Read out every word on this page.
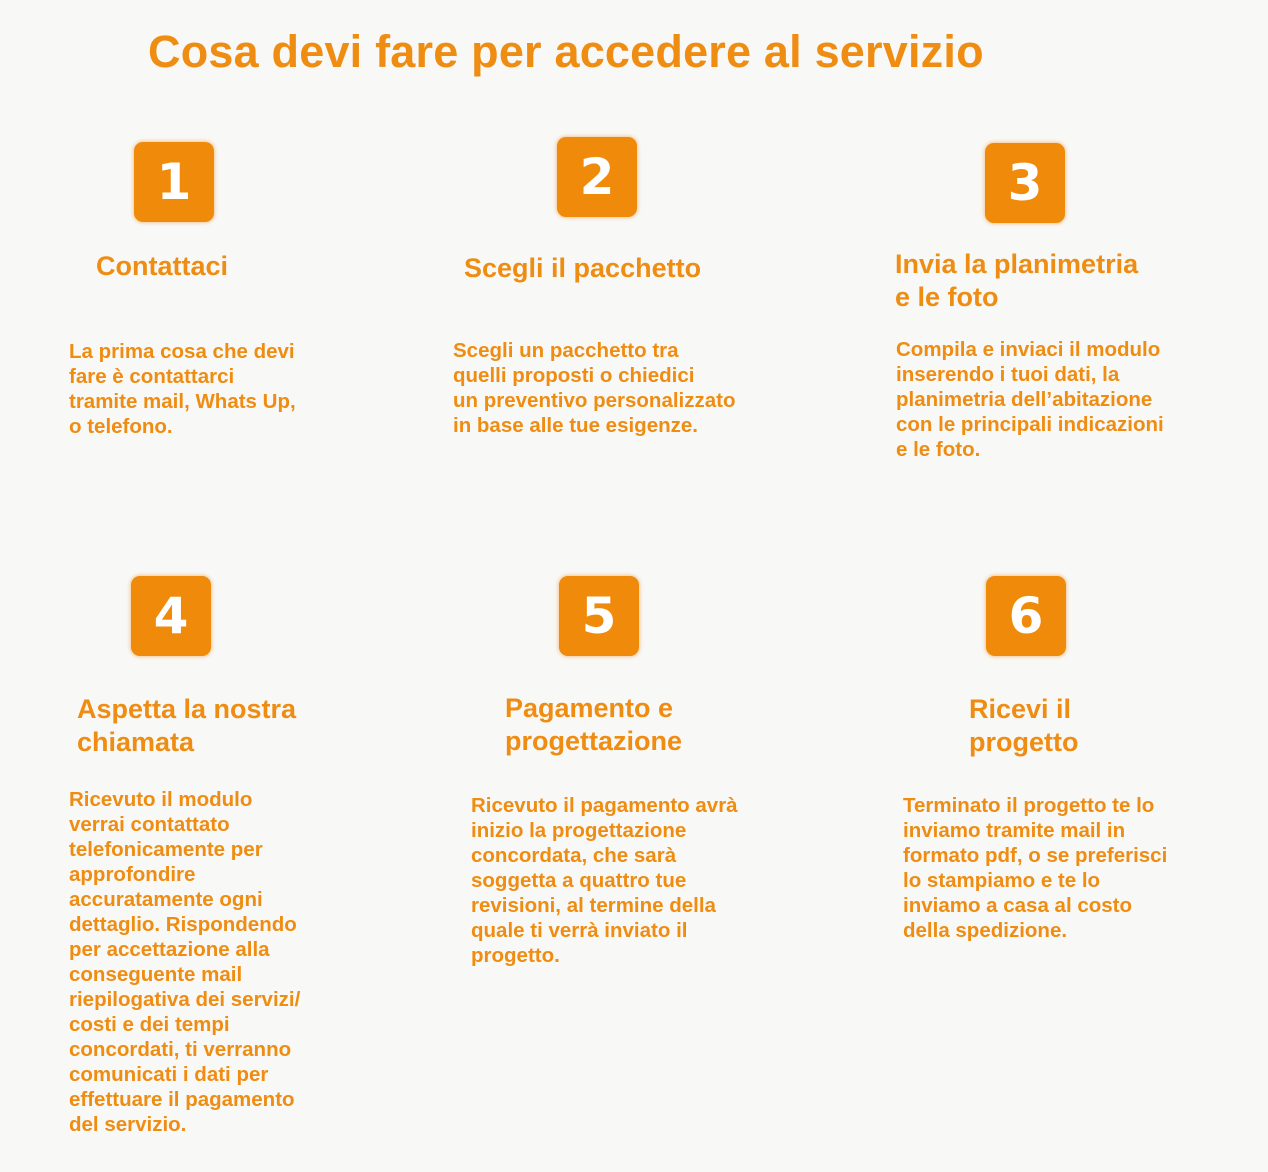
Cosa devi fare per accedere al servizio
1
Contattaci
La prima cosa che devi
fare è contattarci
tramite mail, Whats Up,
o telefono.
2
Scegli il pacchetto
Scegli un pacchetto tra
quelli proposti o chiedici
un preventivo personalizzato
in base alle tue esigenze.
3
Invia la planimetria
e le foto
Compila e inviaci il modulo
inserendo i tuoi dati, la
planimetria dell’abitazione
con le principali indicazioni
e le foto.
4
Aspetta la nostra
chiamata
Ricevuto il modulo
verrai contattato
telefonicamente per
approfondire
accuratamente ogni
dettaglio. Rispondendo
per accettazione alla
conseguente mail
riepilogativa dei servizi/
costi e dei tempi
concordati, ti verranno
comunicati i dati per
effettuare il pagamento
del servizio.
5
Pagamento e
progettazione
Ricevuto il pagamento avrà
inizio la progettazione
concordata, che sarà
soggetta a quattro tue
revisioni, al termine della
quale ti verrà inviato il
progetto.
6
Ricevi il
progetto
Terminato il progetto te lo
inviamo tramite mail in
formato pdf, o se preferisci
lo stampiamo e te lo
inviamo a casa al costo
della spedizione.
